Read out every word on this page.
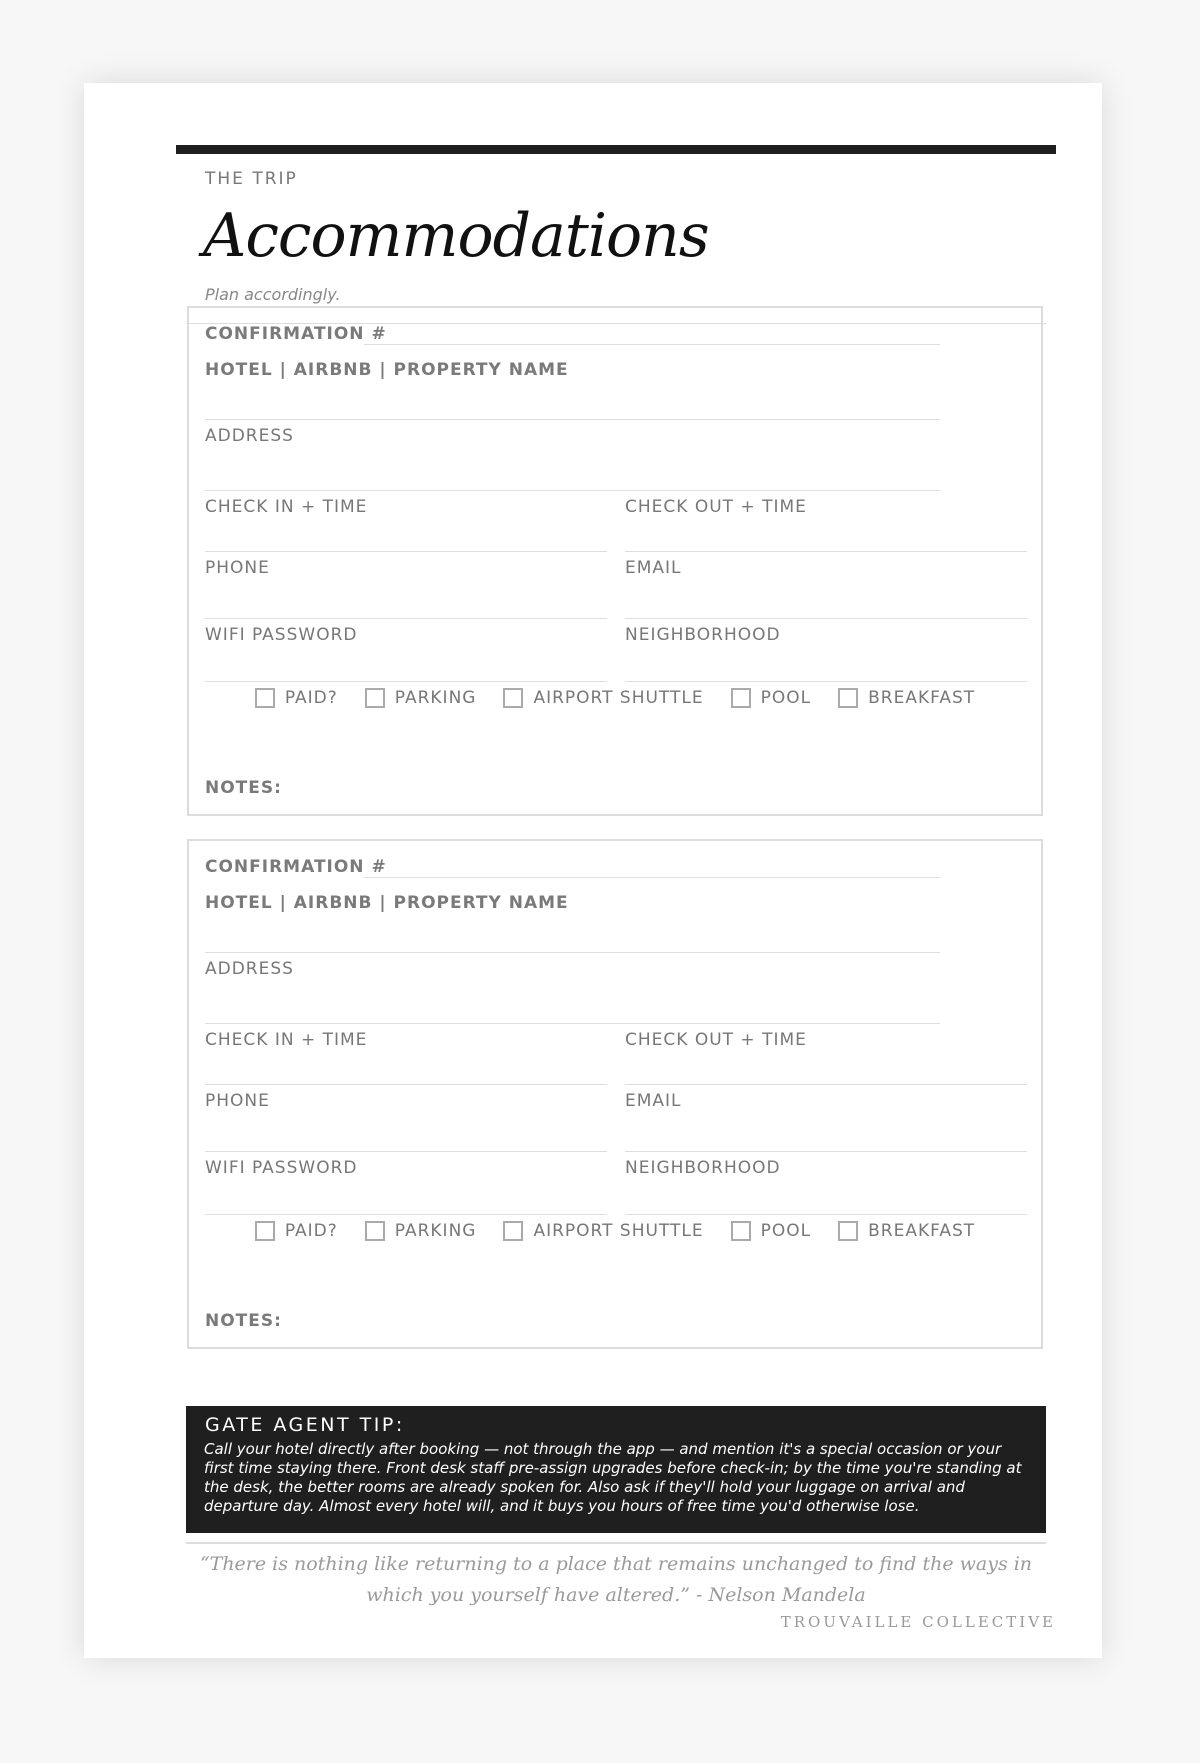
THE TRIP
Accommodations
Plan accordingly.
CONFIRMATION #
HOTEL | AIRBNB | PROPERTY NAME
ADDRESS
CHECK IN + TIME	CHECK OUT + TIME
PHONE	EMAIL
WIFI PASSWORD	NEIGHBORHOOD
PAID?	PARKING	AIRPORT SHUTTLE	POOL	BREAKFAST
NOTES:
CONFIRMATION #
HOTEL | AIRBNB | PROPERTY NAME
ADDRESS
CHECK IN + TIME	CHECK OUT + TIME
PHONE	EMAIL
WIFI PASSWORD	NEIGHBORHOOD
PAID?	PARKING	AIRPORT SHUTTLE	POOL	BREAKFAST
NOTES:
GATE AGENT TIP:
Call your hotel directly after booking — not through the app — and mention it's a special occasion or your first time staying there. Front desk staff pre-assign upgrades before check-in; by the time you're standing at the desk, the better rooms are already spoken for. Also ask if they'll hold your luggage on arrival and departure day. Almost every hotel will, and it buys you hours of free time you'd otherwise lose.
“There is nothing like returning to a place that remains unchanged to find the ways in which you yourself have altered.” - Nelson Mandela
TROUVAILLE COLLECTIVE
